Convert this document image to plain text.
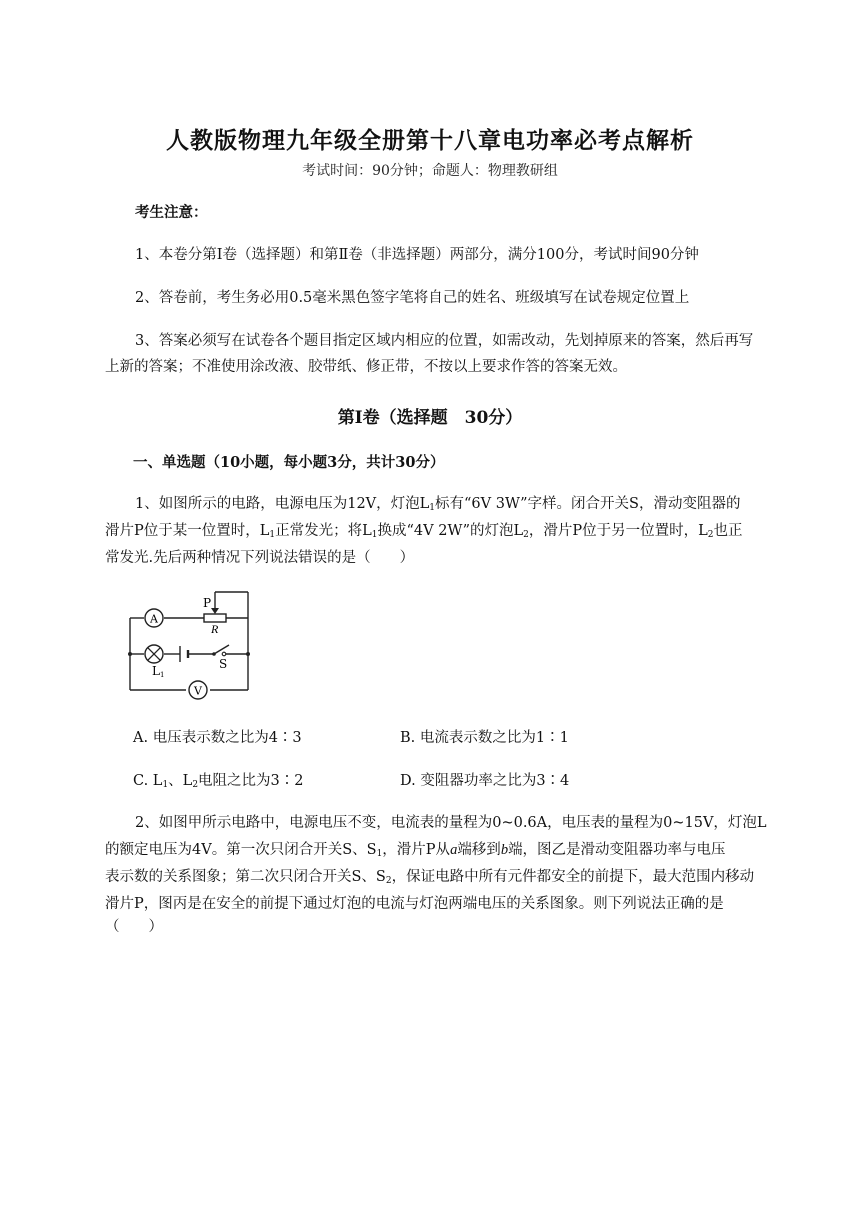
人教版物理九年级全册第十八章电功率必考点解析
考试时间：90分钟；命题人：物理教研组
考生注意：
1、本卷分第Ⅰ卷（选择题）和第Ⅱ卷（非选择题）两部分，满分100分，考试时间90分钟
2、答卷前，考生务必用0.5毫米黑色签字笔将自己的姓名、班级填写在试卷规定位置上
3、答案必须写在试卷各个题目指定区域内相应的位置，如需改动，先划掉原来的答案，然后再写
上新的答案；不准使用涂改液、胶带纸、修正带，不按以上要求作答的答案无效。
第Ⅰ卷（选择题　30分）
一、单选题（10小题，每小题3分，共计30分）
1、如图所示的电路，电源电压为12V，灯泡$L_1$标有“6V 3W”字样。闭合开关S，滑动变阻器的
滑片P位于某一位置时，$L_1$正常发光；将$L_1$换成“4V 2W”的灯泡$L_2$，滑片P位于另一位置时，$L_2$也正
常发光.先后两种情况下列说法错误的是（　　）
A
V
P
R
L1
S
A. 电压表示数之比为4∶3	B. 电流表示数之比为1∶1
C. $L_1$、$L_2$电阻之比为3∶2	D. 变阻器功率之比为3∶4
2、如图甲所示电路中，电源电压不变，电流表的量程为0~0.6A，电压表的量程为0~15V，灯泡L
的额定电压为4V。第一次只闭合开关S、$S_1$，滑片P从a端移到b端，图乙是滑动变阻器功率与电压
表示数的关系图象；第二次只闭合开关S、$S_2$，保证电路中所有元件都安全的前提下，最大范围内移动
滑片P，图丙是在安全的前提下通过灯泡的电流与灯泡两端电压的关系图象。则下列说法正确的是
（　　）
